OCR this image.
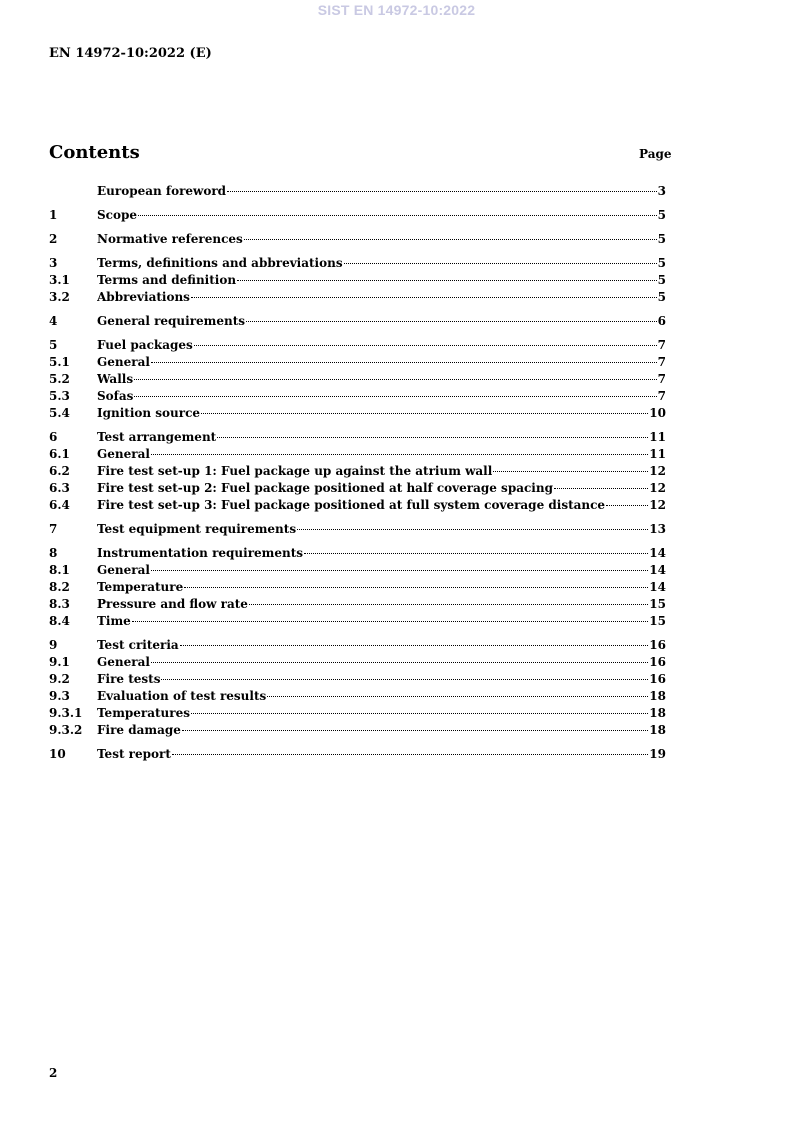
SIST EN 14972-10:2022
EN 14972-10:2022 (E)
Contents	Page
European foreword	3
1	Scope	5
2	Normative references	5
3	Terms, definitions and abbreviations	5
3.1	Terms and definition	5
3.2	Abbreviations	5
4	General requirements	6
5	Fuel packages	7
5.1	General	7
5.2	Walls	7
5.3	Sofas	7
5.4	Ignition source	10
6	Test arrangement	11
6.1	General	11
6.2	Fire test set-up 1: Fuel package up against the atrium wall	12
6.3	Fire test set-up 2: Fuel package positioned at half coverage spacing	12
6.4	Fire test set-up 3: Fuel package positioned at full system coverage distance	12
7	Test equipment requirements	13
8	Instrumentation requirements	14
8.1	General	14
8.2	Temperature	14
8.3	Pressure and flow rate	15
8.4	Time	15
9	Test criteria	16
9.1	General	16
9.2	Fire tests	16
9.3	Evaluation of test results	18
9.3.1	Temperatures	18
9.3.2	Fire damage	18
10	Test report	19
2
